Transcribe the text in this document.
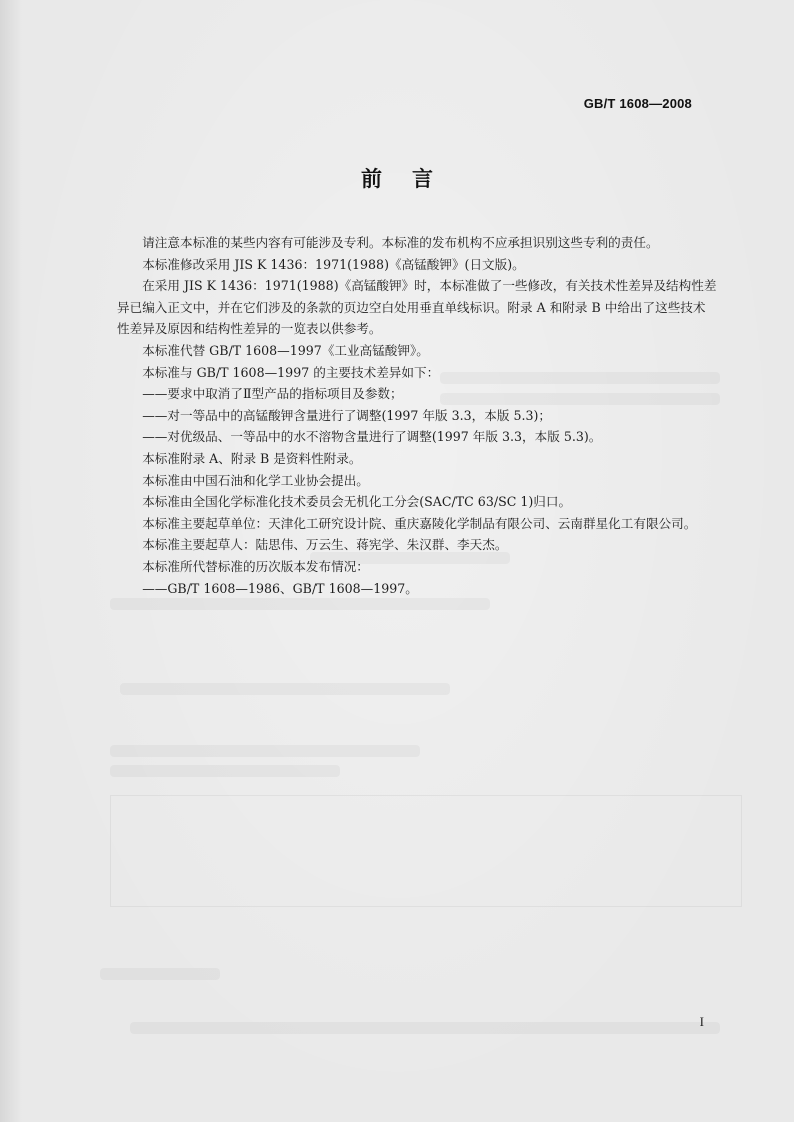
GB/T 1608—2008
前言

请注意本标准的某些内容有可能涉及专利。本标准的发布机构不应承担识别这些专利的责任。

本标准修改采用 JIS K 1436：1971(1988)《高锰酸钾》(日文版)。

在采用 JIS K 1436：1971(1988)《高锰酸钾》时，本标准做了一些修改，有关技术性差异及结构性差异已编入正文中，并在它们涉及的条款的页边空白处用垂直单线标识。附录 A 和附录 B 中给出了这些技术性差异及原因和结构性差异的一览表以供参考。

本标准代替 GB/T 1608—1997《工业高锰酸钾》。

本标准与 GB/T 1608—1997 的主要技术差异如下：

——要求中取消了Ⅱ型产品的指标项目及参数；

——对一等品中的高锰酸钾含量进行了调整(1997 年版 3.3，本版 5.3)；

——对优级品、一等品中的水不溶物含量进行了调整(1997 年版 3.3，本版 5.3)。

本标准附录 A、附录 B 是资料性附录。

本标准由中国石油和化学工业协会提出。

本标准由全国化学标准化技术委员会无机化工分会(SAC/TC 63/SC 1)归口。

本标准主要起草单位：天津化工研究设计院、重庆嘉陵化学制品有限公司、云南群星化工有限公司。

本标准主要起草人：陆思伟、万云生、蒋宪学、朱汉群、李天杰。

本标准所代替标准的历次版本发布情况：

——GB/T 1608—1986、GB/T 1608—1997。

I
